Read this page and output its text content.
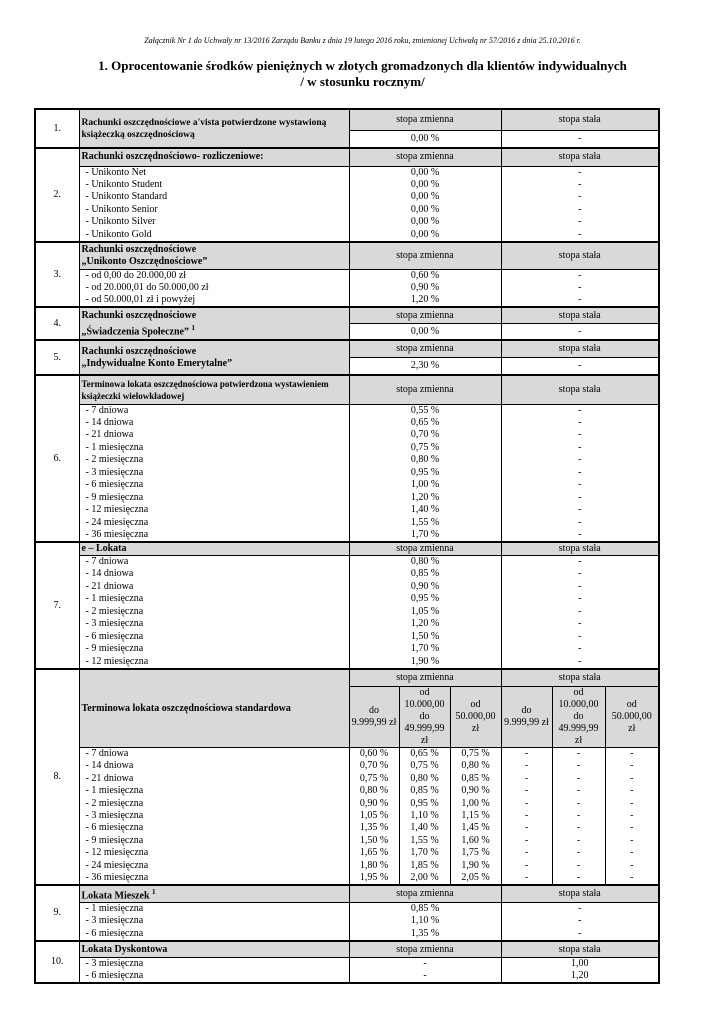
Załącznik Nr 1 do Uchwały nr 13/2016 Zarządu Banku z dnia 19 lutego 2016 roku, zmienionej Uchwałą nr 57/2016 z dnia 25.10.2016 r.
1. Oprocentowanie środków pieniężnych w złotych gromadzonych dla klientów indywidualnych
/ w stosunku rocznym/
1.	Rachunki oszczędnościowe a'vista potwierdzone wystawioną książeczką oszczędnościową	stopa zmienna			stopa stała		
		0,00 %			-		
2.	Rachunki oszczędnościowo- rozliczeniowe:	stopa zmienna			stopa stała		
	- Unikonto Net	0,00 %			-		
	- Unikonto Student	0,00 %			-		
	- Unikonto Standard	0,00 %			-		
	- Unikonto Senior	0,00 %			-		
	- Unikonto Silver	0,00 %			-		
	- Unikonto Gold	0,00 %			-		
3.	Rachunki oszczędnościowe
„Unikonto Oszczędnościowe”	stopa zmienna			stopa stała		
	- od 0,00 do 20.000,00 zł	0,60 %			-		
	- od 20.000,01 do 50.000,00 zł	0,90 %			-		
	- od 50.000,01 zł i powyżej	1,20 %			-		
4.	Rachunki oszczędnościowe
„Świadczenia Społeczne” $^1$	stopa zmienna			stopa stała		
		0,00 %			-		
5.	Rachunki oszczędnościowe
„Indywidualne Konto Emerytalne”	stopa zmienna			stopa stała		
		2,30 %			-		
6.	Terminowa lokata oszczędnościowa potwierdzona wystawieniem książeczki wielowkładowej	stopa zmienna			stopa stała		
	- 7 dniowa	0,55 %			-		
	- 14 dniowa	0,65 %			-		
	- 21 dniowa	0,70 %			-		
	- 1 miesięczna	0,75 %			-		
	- 2 miesięczna	0,80 %			-		
	- 3 miesięczna	0,95 %			-		
	- 6 miesięczna	1,00 %			-		
	- 9 miesięczna	1,20 %			-		
	- 12 miesięczna	1,40 %			-		
	- 24 miesięczna	1,55 %			-		
	- 36 miesięczna	1,70 %			-		
7.	e – Lokata	stopa zmienna			stopa stała		
	- 7 dniowa	0,80 %			-		
	- 14 dniowa	0,85 %			-		
	- 21 dniowa	0,90 %			-		
	- 1 miesięczna	0,95 %			-		
	- 2 miesięczna	1,05 %			-		
	- 3 miesięczna	1,20 %			-		
	- 6 miesięczna	1,50 %			-		
	- 9 miesięczna	1,70 %			-		
	- 12 miesięczna	1,90 %			-		
8.	Terminowa lokata oszczędnościowa standardowa	stopa zmienna			stopa stała		
		do 9.999,99 zł	od 10.000,00 do 49.999,99 zł	od 50.000,00 zł	do 9.999,99 zł	od 10.000,00 do 49.999,99 zł	od 50.000,00 zł
	- 7 dniowa	0,60 %	0,65 %	0,75 %	-	-	-
	- 14 dniowa	0,70 %	0,75 %	0,80 %	-	-	-
	- 21 dniowa	0,75 %	0,80 %	0,85 %	-	-	-
	- 1 miesięczna	0,80 %	0,85 %	0,90 %	-	-	-
	- 2 miesięczna	0,90 %	0,95 %	1,00 %	-	-	-
	- 3 miesięczna	1,05 %	1,10 %	1,15 %	-	-	-
	- 6 miesięczna	1,35 %	1,40 %	1,45 %	-	-	-
	- 9 miesięczna	1,50 %	1,55 %	1,60 %	-	-	-
	- 12 miesięczna	1,65 %	1,70 %	1,75 %	-	-	-
	- 24 miesięczna	1,80 %	1,85 %	1,90 %	-	-	-
	- 36 miesięczna	1,95 %	2,00 %	2,05 %	-	-	-
9.	Lokata Mieszek $^1$	stopa zmienna			stopa stała		
	- 1 miesięczna	0,85 %			-		
	- 3 miesięczna	1,10 %			-		
	- 6 miesięczna	1,35 %			-		
10.	Lokata Dyskontowa	stopa zmienna			stopa stała		
	- 3 miesięczna	-			1,00		
	- 6 miesięczna	-			1,20		
